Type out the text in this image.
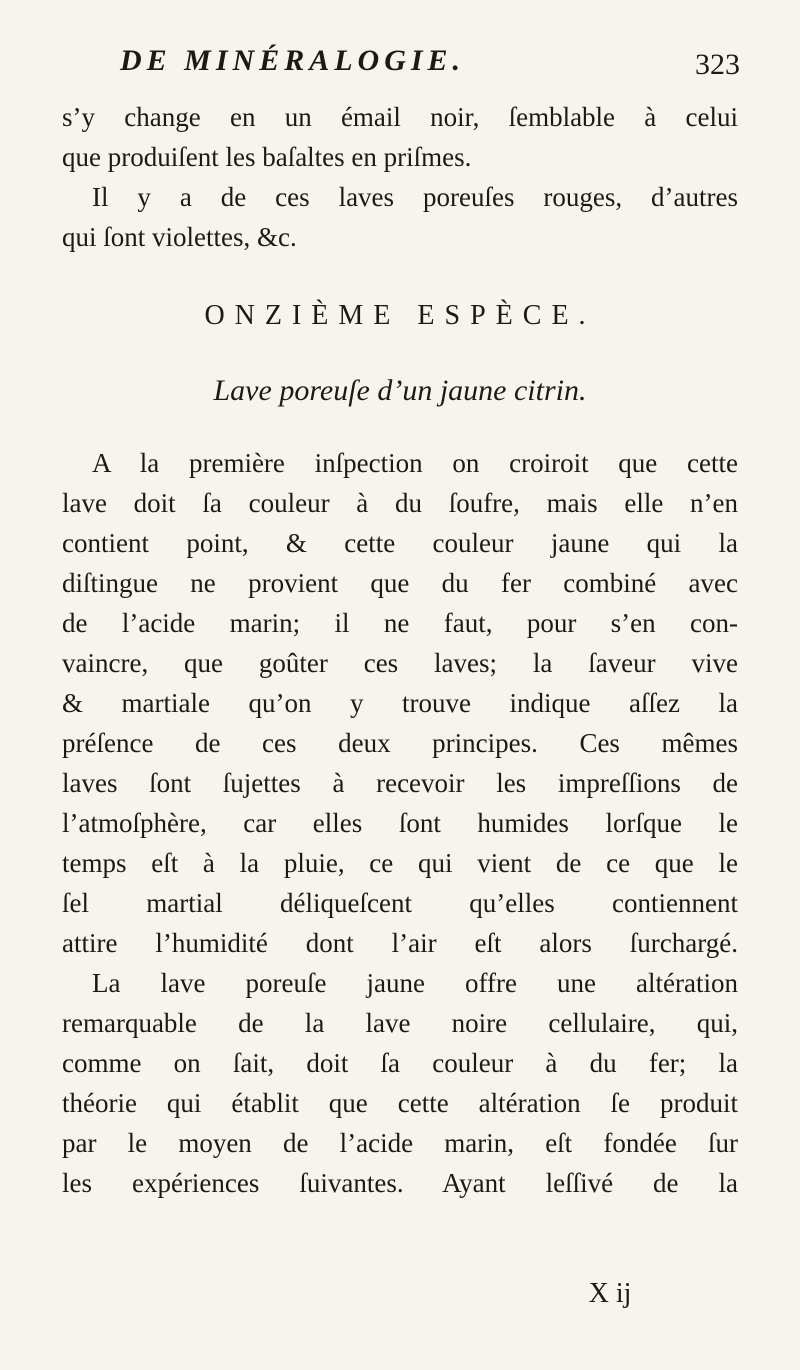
DE MINÉRALOGIE.	323
s’y change en un émail noir, ſemblable à celui
que produiſent les baſaltes en priſmes.
Il y a de ces laves poreuſes rouges, d’autres
qui ſont violettes, &c.
ONZIÈME ESPÈCE.
Lave poreuſe d’un jaune citrin.
A la première inſpection on croiroit que cette
lave doit ſa couleur à du ſoufre, mais elle n’en
contient point, & cette couleur jaune qui la
diſtingue ne provient que du fer combiné avec
de l’acide marin; il ne faut, pour s’en con-
vaincre, que goûter ces laves; la ſaveur vive
& martiale qu’on y trouve indique aſſez la
préſence de ces deux principes. Ces mêmes
laves ſont ſujettes à recevoir les impreſſions de
l’atmoſphère, car elles ſont humides lorſque le
temps eſt à la pluie, ce qui vient de ce que le
ſel martial déliqueſcent qu’elles contiennent
attire l’humidité dont l’air eſt alors ſurchargé.
La lave poreuſe jaune offre une altération
remarquable de la lave noire cellulaire, qui,
comme on ſait, doit ſa couleur à du fer; la
théorie qui établit que cette altération ſe produit
par le moyen de l’acide marin, eſt fondée ſur
les expériences ſuivantes. Ayant leſſivé de la
X ij
